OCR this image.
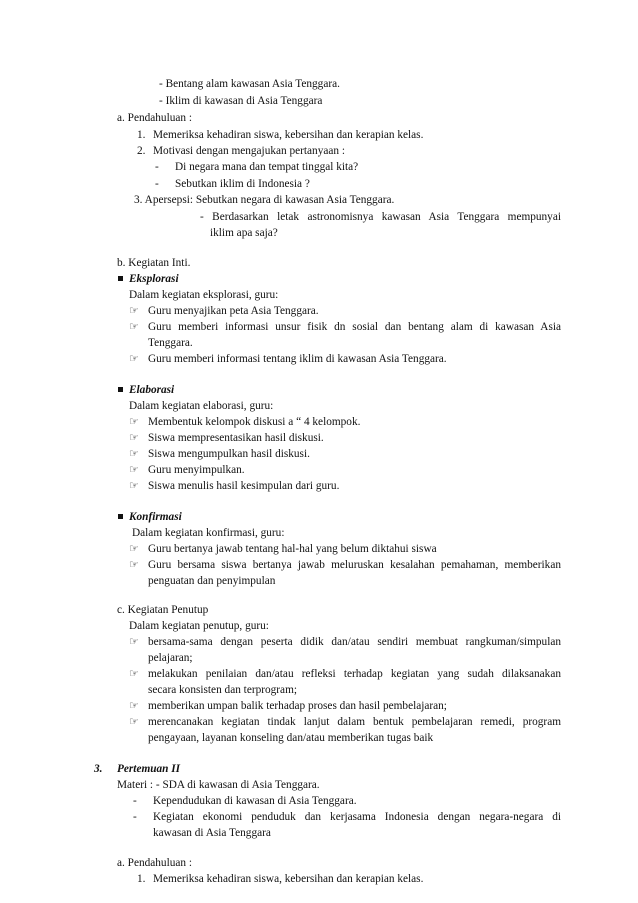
- Bentang alam kawasan Asia Tenggara.
- Iklim di kawasan di Asia Tenggara
a. Pendahuluan :
1. Memeriksa kehadiran siswa, kebersihan dan kerapian kelas.
2. Motivasi dengan mengajukan pertanyaan :
- Di negara mana dan tempat tinggal kita?
- Sebutkan iklim di Indonesia ?
3. Apersepsi: Sebutkan negara di kawasan Asia Tenggara.
- Berdasarkan letak astronomisnya kawasan Asia Tenggara mempunyai
iklim apa saja?
b. Kegiatan Inti.
Eksplorasi
Dalam kegiatan eksplorasi, guru:
☞ Guru menyajikan peta Asia Tenggara.
☞ Guru memberi informasi unsur fisik dn sosial dan bentang alam di kawasan Asia
Tenggara.
☞ Guru memberi informasi tentang iklim di kawasan Asia Tenggara.
Elaborasi
Dalam kegiatan elaborasi, guru:
☞ Membentuk kelompok diskusi a “ 4 kelompok.
☞ Siswa mempresentasikan hasil diskusi.
☞ Siswa mengumpulkan hasil diskusi.
☞ Guru menyimpulkan.
☞ Siswa menulis hasil kesimpulan dari guru.
Konfirmasi
Dalam kegiatan konfirmasi, guru:
☞ Guru bertanya jawab tentang hal-hal yang belum diktahui siswa
☞ Guru bersama siswa bertanya jawab meluruskan kesalahan pemahaman, memberikan
penguatan dan penyimpulan
c. Kegiatan Penutup
Dalam kegiatan penutup, guru:
☞ bersama-sama dengan peserta didik dan/atau sendiri membuat rangkuman/simpulan
pelajaran;
☞ melakukan penilaian dan/atau refleksi terhadap kegiatan yang sudah dilaksanakan
secara konsisten dan terprogram;
☞ memberikan umpan balik terhadap proses dan hasil pembelajaran;
☞ merencanakan kegiatan tindak lanjut dalam bentuk pembelajaran remedi, program
pengayaan, layanan konseling dan/atau memberikan tugas baik
3. Pertemuan II
Materi : - SDA di kawasan di Asia Tenggara.
- Kependudukan di kawasan di Asia Tenggara.
- Kegiatan ekonomi penduduk dan kerjasama Indonesia dengan negara-negara di
kawasan di Asia Tenggara
a. Pendahuluan :
1. Memeriksa kehadiran siswa, kebersihan dan kerapian kelas.
